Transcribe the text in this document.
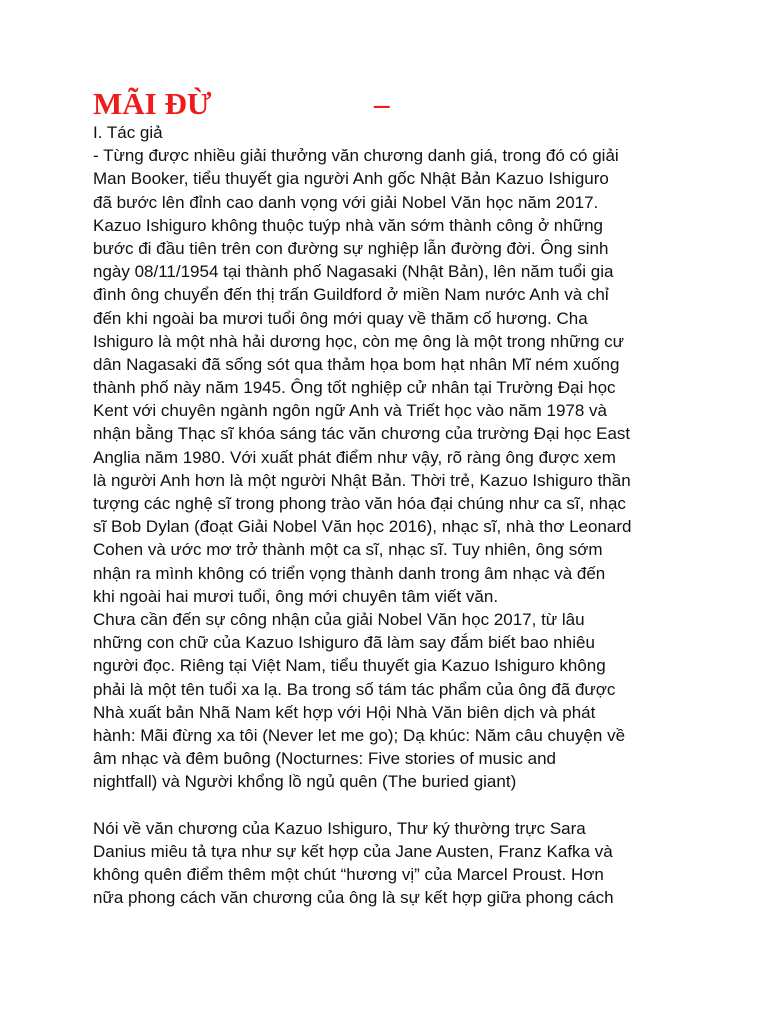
MÃI ĐỪ	–
I. Tác giả
- Từng được nhiều giải thưởng văn chương danh giá, trong đó có giải
Man Booker, tiểu thuyết gia người Anh gốc Nhật Bản Kazuo Ishiguro
đã bước lên đỉnh cao danh vọng với giải Nobel Văn học năm 2017.
Kazuo Ishiguro không thuộc tuýp nhà văn sớm thành công ở những
bước đi đầu tiên trên con đường sự nghiệp lẫn đường đời. Ông sinh
ngày 08/11/1954 tại thành phố Nagasaki (Nhật Bản), lên năm tuổi gia
đình ông chuyển đến thị trấn Guildford ở miền Nam nước Anh và chỉ
đến khi ngoài ba mươi tuổi ông mới quay về thăm cố hương. Cha
Ishiguro là một nhà hải dương học, còn mẹ ông là một trong những cư
dân Nagasaki đã sống sót qua thảm họa bom hạt nhân Mĩ ném xuống
thành phố này năm 1945. Ông tốt nghiệp cử nhân tại Trường Đại học
Kent với chuyên ngành ngôn ngữ Anh và Triết học vào năm 1978 và
nhận bằng Thạc sĩ khóa sáng tác văn chương của trường Đại học East
Anglia năm 1980. Với xuất phát điểm như vậy, rõ ràng ông được xem
là người Anh hơn là một người Nhật Bản. Thời trẻ, Kazuo Ishiguro thần
tượng các nghệ sĩ trong phong trào văn hóa đại chúng như ca sĩ, nhạc
sĩ Bob Dylan (đoạt Giải Nobel Văn học 2016), nhạc sĩ, nhà thơ Leonard
Cohen và ước mơ trở thành một ca sĩ, nhạc sĩ. Tuy nhiên, ông sớm
nhận ra mình không có triển vọng thành danh trong âm nhạc và đến
khi ngoài hai mươi tuổi, ông mới chuyên tâm viết văn.
Chưa cần đến sự công nhận của giải Nobel Văn học 2017, từ lâu
những con chữ của Kazuo Ishiguro đã làm say đắm biết bao nhiêu
người đọc. Riêng tại Việt Nam, tiểu thuyết gia Kazuo Ishiguro không
phải là một tên tuổi xa lạ. Ba trong số tám tác phẩm của ông đã được
Nhà xuất bản Nhã Nam kết hợp với Hội Nhà Văn biên dịch và phát
hành: Mãi đừng xa tôi (Never let me go); Dạ khúc: Năm câu chuyện về
âm nhạc và đêm buông (Nocturnes: Five stories of music and
nightfall) và Người khổng lồ ngủ quên (The buried giant)
Nói về văn chương của Kazuo Ishiguro, Thư ký thường trực Sara
Danius miêu tả tựa như sự kết hợp của Jane Austen, Franz Kafka và
không quên điểm thêm một chút “hương vị” của Marcel Proust. Hơn
nữa phong cách văn chương của ông là sự kết hợp giữa phong cách
